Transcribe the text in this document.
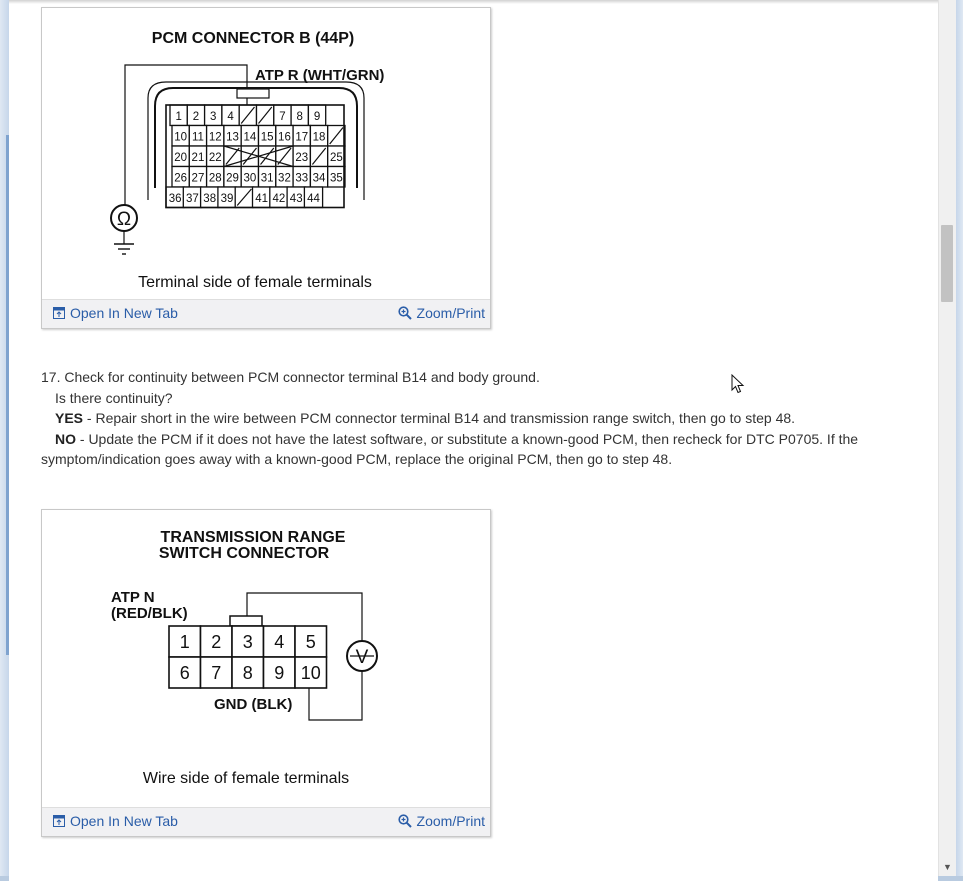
PCM CONNECTOR B (44P)
ATP R (WHT/GRN)
Ω
1 2 3 4	7 8 9
10 11 12 13 14 15 16 17 18
20 21 22	23 25
26 27 28 29 30 31 32 33 34 35
36 37 38 39 41 42 43 44
Terminal side of female terminals
Open In New Tab	Zoom/Print
17. Check for continuity between PCM connector terminal B14 and body ground.
Is there continuity?
YES - Repair short in the wire between PCM connector terminal B14 and transmission range switch, then go to step 48.
NO - Update the PCM if it does not have the latest software, or substitute a known-good PCM, then recheck for DTC P0705. If the symptom/indication goes away with a known-good PCM, replace the original PCM, then go to step 48.
TRANSMISSION RANGE
SWITCH CONNECTOR
ATP N
(RED/BLK)
1 2 3 4 5
6 7 8 9 10
V
GND (BLK)
Wire side of female terminals
Open In New Tab	Zoom/Print
▼
